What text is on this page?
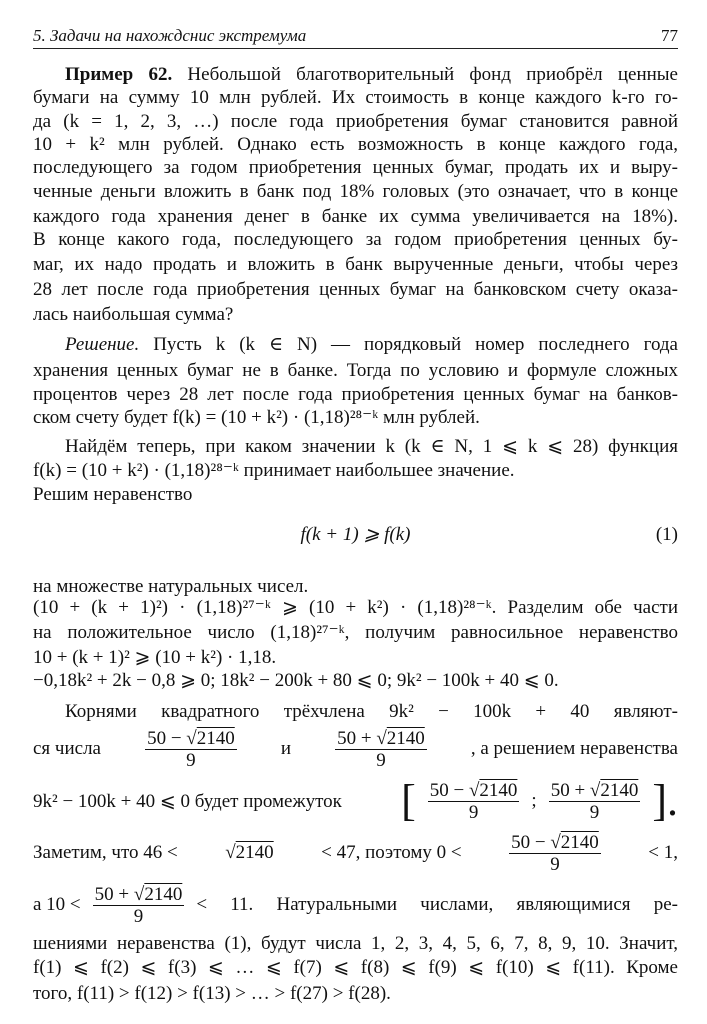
5. Задачи на нахождснис экстремума	77
Пример 62. Небольшой благотворительный фонд приобрёл ценные
бумаги на сумму 10 млн рублей. Их стоимость в конце каждого k-го го-
да (k = 1, 2, 3, …) после года приобретения бумаг становится равной
10 + k² млн рублей. Однако есть возможность в конце каждого года,
последующего за годом приобретения ценных бумаг, продать их и выру-
ченные деньги вложить в банк под 18% головых (это означает, что в конце
каждого года хранения денег в банке их сумма увеличивается на 18%).
В конце какого года, последующего за годом приобретения ценных бу-
маг, их надо продать и вложить в банк вырученные деньги, чтобы через
28 лет после года приобретения ценных бумаг на банковском счету оказа-
лась наибольшая сумма?
Решение. Пусть k (k ∈ N) — порядковый номер последнего года
хранения ценных бумаг не в банке. Тогда по условию и формуле сложных
процентов через 28 лет после года приобретения ценных бумаг на банков-
ском счету будет f(k) = (10 + k²) · (1,18)²⁸⁻ᵏ млн рублей.
Найдём теперь, при каком значении k (k ∈ N, 1 ⩽ k ⩽ 28) функция
f(k) = (10 + k²) · (1,18)²⁸⁻ᵏ принимает наибольшее значение.
Решим неравенство
f(k + 1) ⩾ f(k)	(1)
на множестве натуральных чисел.
(10 + (k + 1)²) · (1,18)²⁷⁻ᵏ ⩾ (10 + k²) · (1,18)²⁸⁻ᵏ. Разделим обе части
на положительное число (1,18)²⁷⁻ᵏ, получим равносильное неравенство
10 + (k + 1)² ⩾ (10 + k²) · 1,18.
−0,18k² + 2k − 0,8 ⩾ 0; 18k² − 200k + 80 ⩽ 0; 9k² − 100k + 40 ⩽ 0.
Корнями квадратного трёхчлена 9k² − 100k + 40 являют-
ся числа $\frac{50 - √2140}{9}$ и $\frac{50 + √2140}{9}$ , а решением неравенства
9k² − 100k + 40 ⩽ 0 будет промежуток [ $\frac{50 - √2140}{9}$ ; $\frac{50 + √2140}{9}$ ].
Заметим, что 46 <	√2140	< 47, поэтому 0 <	$\frac{50 - √2140}{9}$	< 1,
а $10 < \frac{50 + √2140}{9} < 11$. Натуральными числами, являющимися ре-
шениями неравенства (1), будут числа 1, 2, 3, 4, 5, 6, 7, 8, 9, 10. Значит,
f(1) ⩽ f(2) ⩽ f(3) ⩽ … ⩽ f(7) ⩽ f(8) ⩽ f(9) ⩽ f(10) ⩽ f(11). Кроме
того, f(11) > f(12) > f(13) > … > f(27) > f(28).
